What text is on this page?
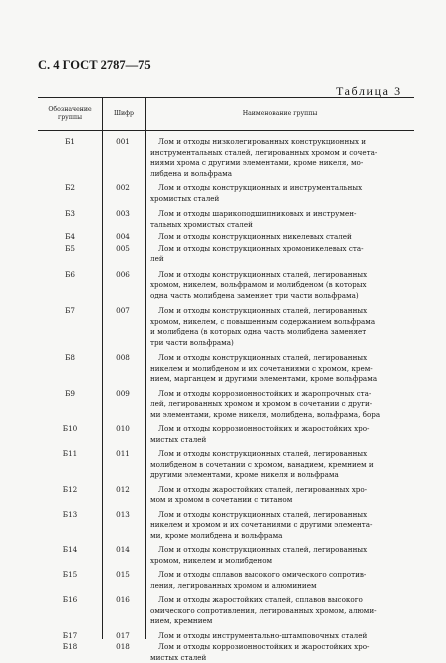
С. 4 ГОСТ 2787—75
Таблица 3
Обозначение
группы
Шифр	Наименование группы
Б1	001	Лом и отходы низколегированных конструкционных и
инструментальных сталей, легированных хромом и сочета-
ниями хрома с другими элементами, кроме никеля, мо-
либдена и вольфрама
Б2	002	Лом и отходы конструкционных и инструментальных
хромистых сталей
Б3	003	Лом и отходы шарикоподшипниковых и инструмен-
тальных хромистых сталей
Б4	004	Лом и отходы конструкционных никелевых сталей
Б5	005	Лом и отходы конструкционных хромоникелевых ста-
лей
Б6	006	Лом и отходы конструкционных сталей, легированных
хромом, никелем, вольфрамом и молибденом (в которых
одна часть молибдена заменяет три части вольфрама)
Б7	007	Лом и отходы конструкционных сталей, легированных
хромом, никелем, с повышенным содержанием вольфрама
и молибдена (в которых одна часть молибдена заменяет
три части вольфрама)
Б8	008	Лом и отходы конструкционных сталей, легированных
никелем и молибденом и их сочетаниями с хромом, крем-
нием, марганцем и другими элементами, кроме вольфрама
Б9	009	Лом и отходы коррозионностойких и жаропрочных ста-
лей, легированных хромом и хромом в сочетании с други-
ми элементами, кроме никеля, молибдена, вольфрама, бора
Б10	010	Лом и отходы коррозионностойких и жаростойких хро-
мистых сталей
Б11	011	Лом и отходы конструкционных сталей, легированных
молибденом в сочетании с хромом, ванадием, кремнием и
другими элементами, кроме никеля и вольфрама
Б12	012	Лом и отходы жаростойких сталей, легированных хро-
мом и хромом в сочетании с титаном
Б13	013	Лом и отходы конструкционных сталей, легированных
никелем и хромом и их сочетаниями с другими элемента-
ми, кроме молибдена и вольфрама
Б14	014	Лом и отходы конструкционных сталей, легированных
хромом, никелем и молибденом
Б15	015	Лом и отходы сплавов высокого омического сопротив-
ления, легированных хромом и алюминием
Б16	016	Лом и отходы жаростойких сталей, сплавов высокого
омического сопротивления, легированных хромом, алюми-
нием, кремнием
Б17	017	Лом и отходы инструментально-штамповочных сталей
Б18	018	Лом и отходы коррозионностойких и жаростойких хро-
мистых сталей
